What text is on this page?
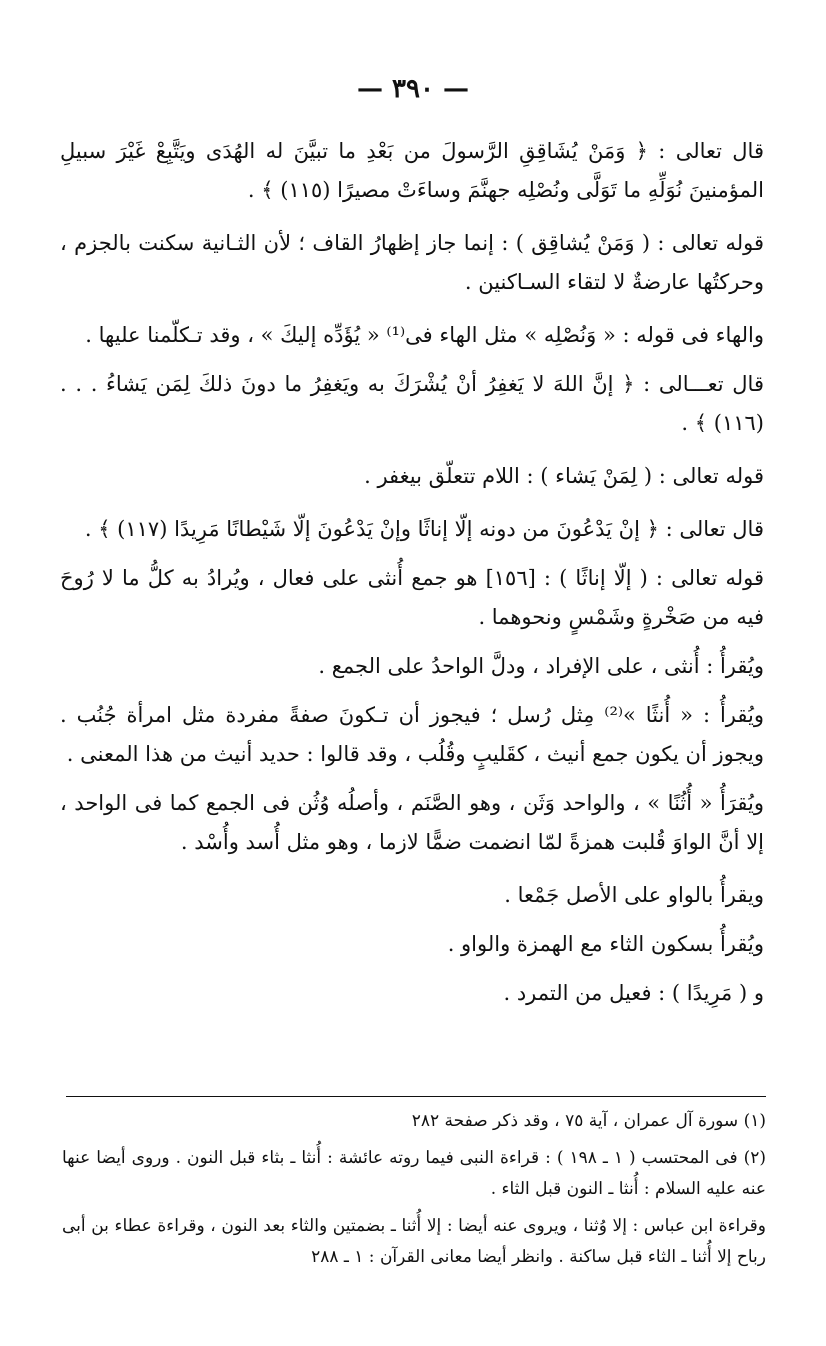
— ٣٩٠ —

قال تعالى : ﴿ وَمَنْ يُشَاقِقِ الرَّسولَ من بَعْدِ ما تبيَّنَ له الهُدَى ويَتَّبِعْ غَيْرَ سبيلِ المؤمنينَ نُوَلِّهِ ما تَوَلَّى ونُصْلِه جهنَّمَ وساءَتْ مصيرًا (١١٥) ﴾ .

قوله تعالى : ( وَمَنْ يُشاقِق ) : إنما جاز إظهارُ القاف ؛ لأن الثـانية سكنت بالجزم ، وحركتُها عارضةٌ لا لتقاء السـاكنين .

والهاء فى قوله : « وَنُصْلِه » مثل الهاء فى⁽¹⁾ « يُؤَدِّه إليكَ » ، وقد تـكلّمنا عليها .

قال تعـــالى : ﴿ إنَّ اللهَ لا يَغفِرُ أنْ يُشْرَكَ به ويَغفِرُ ما دونَ ذلكَ لِمَن يَشاءُ . . . (١١٦) ﴾ .

قوله تعالى : ( لِمَنْ يَشاء ) : اللام تتعلّق بيغفر .

قال تعالى : ﴿ إنْ يَدْعُونَ من دونه إلّا إناثًا وإنْ يَدْعُونَ إلّا شَيْطانًا مَرِيدًا (١١٧) ﴾ .

قوله تعالى : ( إلّا إناثًا ) : [١٥٦] هو جمع أُنثى على فعال ، ويُرادُ به كلُّ ما لا رُوحَ فيه من صَخْرةٍ وشَمْسٍ ونحوهما .

ويُقرأُ : أُنثى ، على الإفراد ، ودلَّ الواحدُ على الجمع .

ويُقرأُ : « أُنثًا »⁽²⁾ مِثل رُسل ؛ فيجوز أن تـكونَ صفةً مفردة مثل امرأة جُنُب . ويجوز أن يكون جمع أنيث ، كقَليبٍ وقُلُب ، وقد قالوا : حديد أنيث من هذا المعنى .

ويُقرَأُ « أُثُنًا » ، والواحد وَثَن ، وهو الصَّنَم ، وأصلُه وُثُن فى الجمع كما فى الواحد ، إلا أنَّ الواوَ قُلبت همزةً لمّا انضمت ضمًّا لازما ، وهو مثل أُسد وأُسْد .

ويقرأُ بالواو على الأصل جَمْعا .

ويُقرأُ بسكون الثاء مع الهمزة والواو .

و ( مَرِيدًا ) : فعيل من التمرد .

(١) سورة آل عمران ، آية ٧٥ ، وقد ذكر صفحة ٢٨٢

(٢) فى المحتسب ( ١ ـ ١٩٨ ) : قراءة النبى فيما روته عائشة : أُنثا ـ بثاء قبل النون . وروى أيضا عنها عنه عليه السلام : أُنثا ـ النون قبل الثاء .

وقراءة ابن عباس : إلا وُثنا ، ويروى عنه أيضا : إلا أُثنا ـ بضمتين والثاء بعد النون ، وقراءة عطاء بن أبى رباح إلا أُثنا ـ الثاء قبل ساكنة . وانظر أيضا معانى القرآن : ١ ـ ٢٨٨
